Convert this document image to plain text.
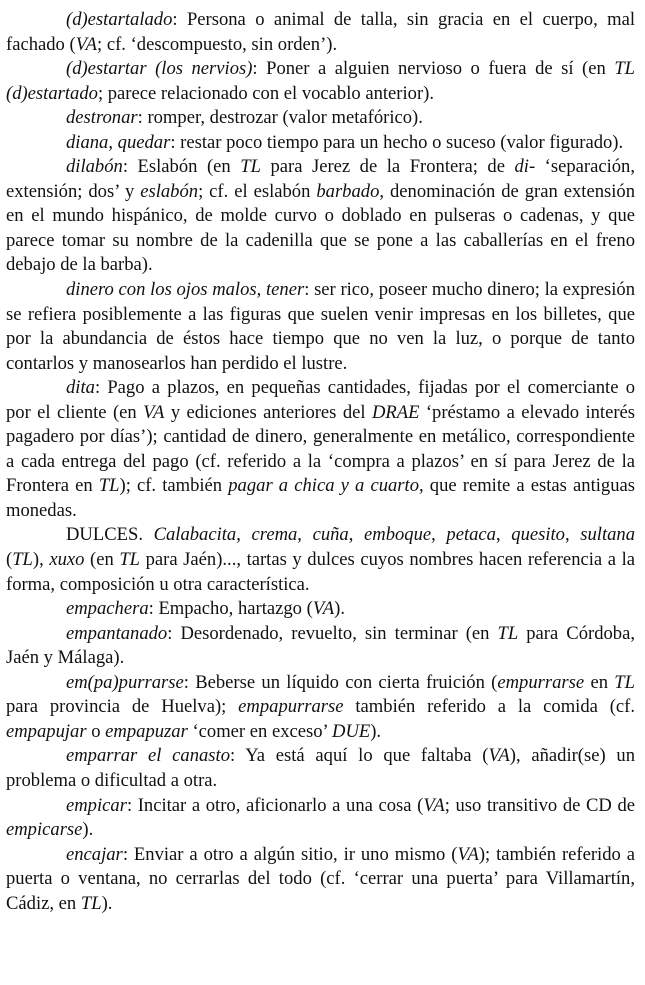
(d)estartalado: Persona o animal de talla, sin gracia en el cuerpo, mal fachado (VA; cf. ‘descompuesto, sin orden’).

(d)estartar (los nervios): Poner a alguien nervioso o fuera de sí (en TL (d)estartado; parece relacionado con el vocablo anterior).

destronar: romper, destrozar (valor metafórico).

diana, quedar: restar poco tiempo para un hecho o suceso (valor figurado).

dilabón: Eslabón (en TL para Jerez de la Frontera; de di- ‘separación, extensión; dos’ y eslabón; cf. el eslabón barbado, denominación de gran extensión en el mundo hispánico, de molde curvo o doblado en pulseras o cadenas, y que parece tomar su nombre de la cadenilla que se pone a las caballerías en el freno debajo de la barba).

dinero con los ojos malos, tener: ser rico, poseer mucho dinero; la expresión se refiera posiblemente a las figuras que suelen venir impresas en los billetes, que por la abundancia de éstos hace tiempo que no ven la luz, o porque de tanto contarlos y manosearlos han perdido el lustre.

dita: Pago a plazos, en pequeñas cantidades, fijadas por el comerciante o por el cliente (en VA y ediciones anteriores del DRAE ‘préstamo a elevado interés pagadero por días’); cantidad de dinero, generalmente en metálico, correspondiente a cada entrega del pago (cf. referido a la ‘compra a plazos’ en sí para Jerez de la Frontera en TL); cf. también pagar a chica y a cuarto, que remite a estas antiguas monedas.

DULCES. Calabacita, crema, cuña, emboque, petaca, quesito, sultana (TL), xuxo (en TL para Jaén)..., tartas y dulces cuyos nombres hacen referencia a la forma, composición u otra característica.

empachera: Empacho, hartazgo (VA).

empantanado: Desordenado, revuelto, sin terminar (en TL para Córdoba, Jaén y Málaga).

em(pa)purrarse: Beberse un líquido con cierta fruición (empurrarse en TL para provincia de Huelva); empapurrarse también referido a la comida (cf. empapujar o empapuzar ‘comer en exceso’ DUE).

emparrar el canasto: Ya está aquí lo que faltaba (VA), añadir(se) un problema o dificultad a otra.

empicar: Incitar a otro, aficionarlo a una cosa (VA; uso transitivo de CD de empicarse).

encajar: Enviar a otro a algún sitio, ir uno mismo (VA); también referido a puerta o ventana, no cerrarlas del todo (cf. ‘cerrar una puerta’ para Villamartín, Cádiz, en TL).
